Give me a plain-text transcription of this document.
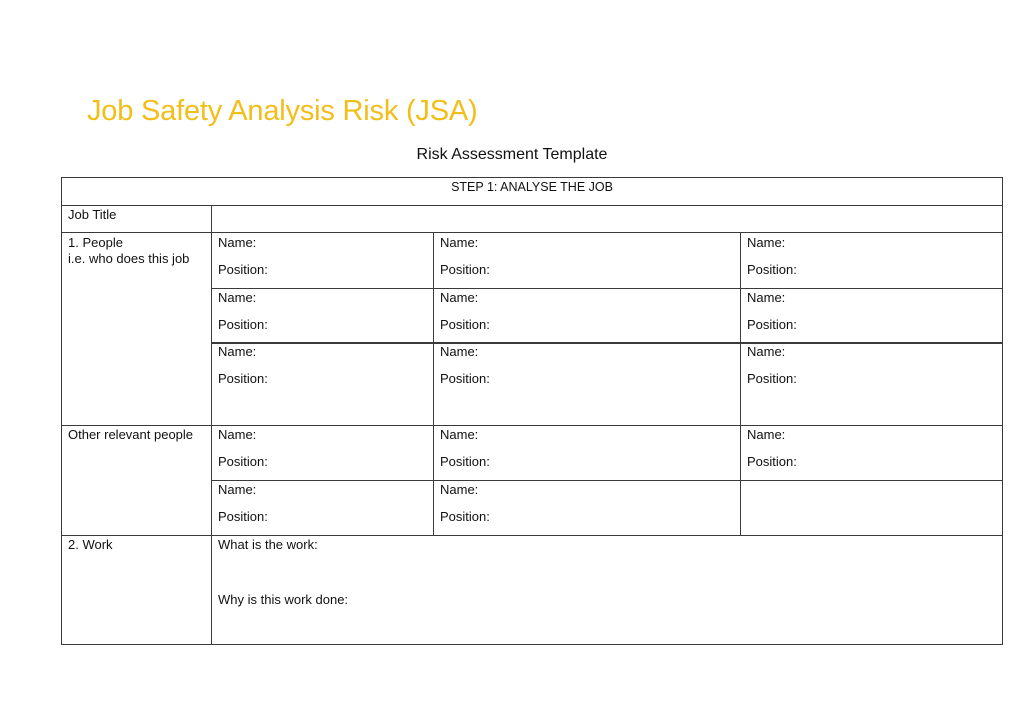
Job Safety Analysis Risk (JSA)
Risk Assessment Template
STEP 1: ANALYSE THE JOB
Job Title
1. People
i.e. who does this job
Name:
Position:
Name:
Position:
Name:
Position:
Name:
Position:
Name:
Position:
Name:
Position:
Name:
Position:
Name:
Position:
Name:
Position:
Other relevant people Name:
Position:
Name:
Position:
Name:
Position:
Name:
Position:
Name:
Position:
2. Work	What is the work:
Why is this work done:
